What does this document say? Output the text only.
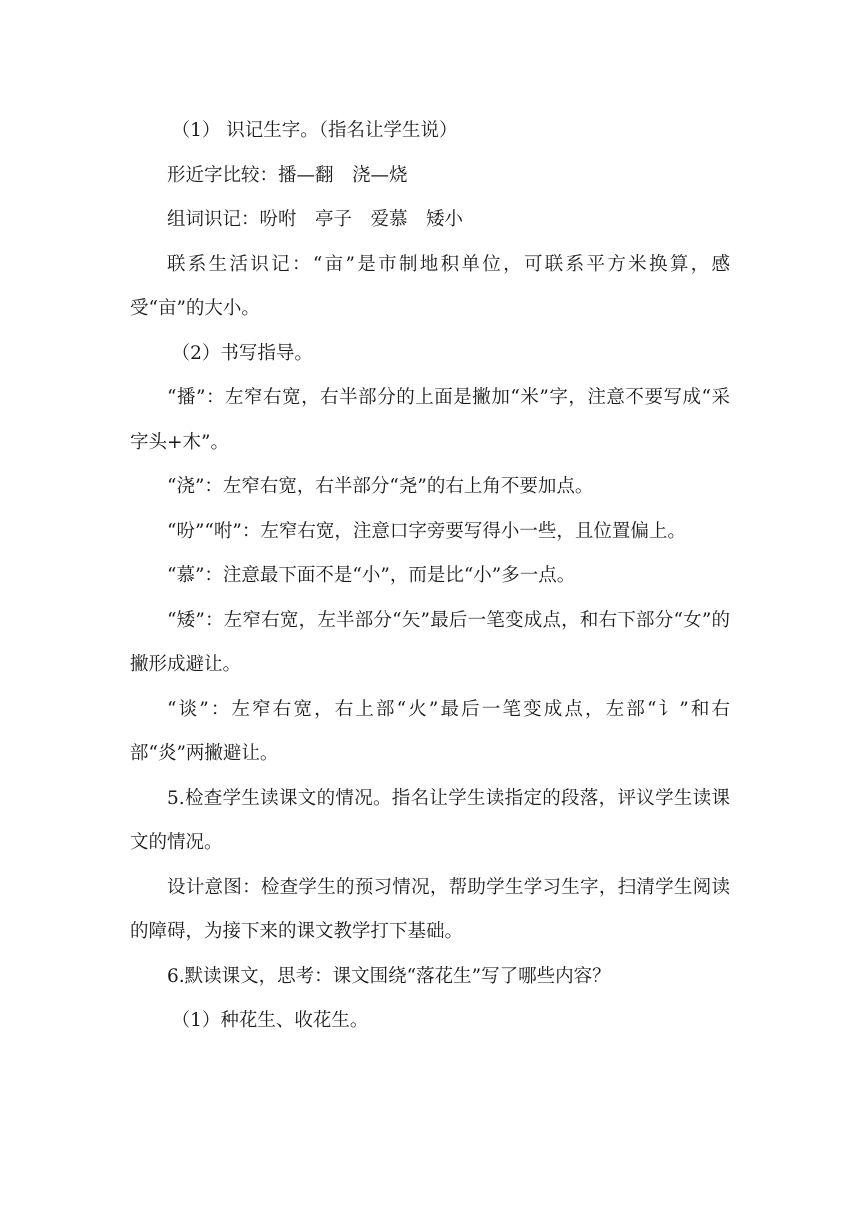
（1） 识记生字。（指名让学生说）

形近字比较：播—翻　浇—烧

组词识记：吩咐　亭子　爱慕　矮小

联系生活识记：“亩”是市制地积单位，可联系平方米换算，感受“亩”的大小。

（2）书写指导。

“播”：左窄右宽，右半部分的上面是撇加“米”字，注意不要写成“采字头+木”。

“浇”：左窄右宽，右半部分“尧”的右上角不要加点。

“吩”“咐”：左窄右宽，注意口字旁要写得小一些，且位置偏上。

“慕”：注意最下面不是“小”，而是比“小”多一点。

“矮”：左窄右宽，左半部分“矢”最后一笔变成点，和右下部分“女”的撇形成避让。

“谈”：左窄右宽，右上部“火”最后一笔变成点，左部“讠”和右部“炎”两撇避让。

5.检查学生读课文的情况。指名让学生读指定的段落，评议学生读课文的情况。

设计意图：检查学生的预习情况，帮助学生学习生字，扫清学生阅读的障碍，为接下来的课文教学打下基础。

6.默读课文，思考：课文围绕“落花生”写了哪些内容？

（1）种花生、收花生。
